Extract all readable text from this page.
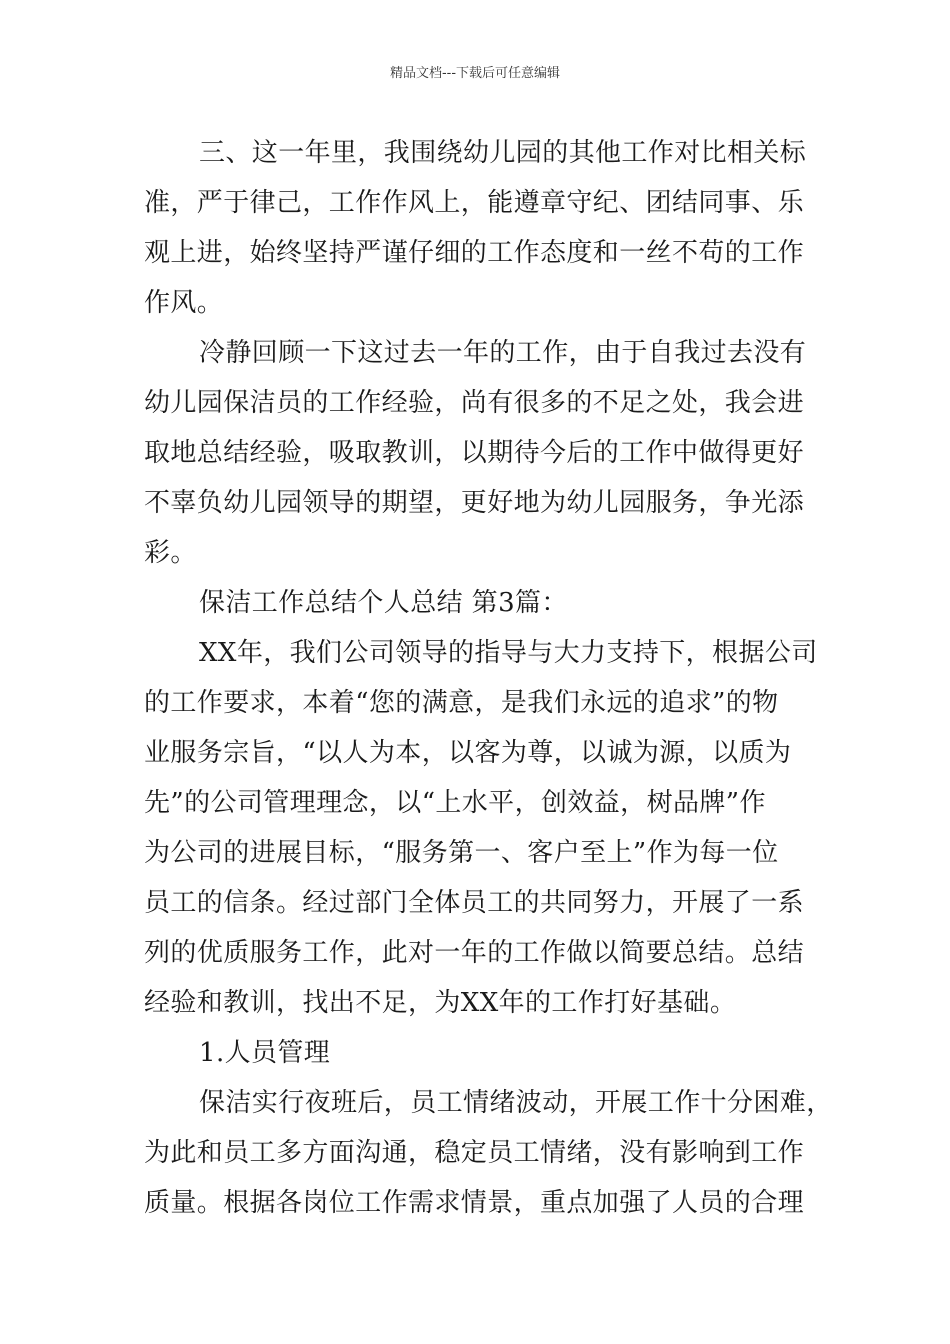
精品文档---下载后可任意编辑
三、这一年里，我围绕幼儿园的其他工作对比相关标
准，严于律己，工作作风上，能遵章守纪、团结同事、乐
观上进，始终坚持严谨仔细的工作态度和一丝不苟的工作
作风。
冷静回顾一下这过去一年的工作，由于自我过去没有
幼儿园保洁员的工作经验，尚有很多的不足之处，我会进
取地总结经验，吸取教训，以期待今后的工作中做得更好
不辜负幼儿园领导的期望，更好地为幼儿园服务，争光添
彩。
保洁工作总结个人总结 第3篇：
XX年，我们公司领导的指导与大力支持下，根据公司
的工作要求，本着“您的满意，是我们永远的追求”的物
业服务宗旨，“以人为本，以客为尊，以诚为源，以质为
先”的公司管理理念，以“上水平，创效益，树品牌”作
为公司的进展目标，“服务第一、客户至上”作为每一位
员工的信条。经过部门全体员工的共同努力，开展了一系
列的优质服务工作，此对一年的工作做以简要总结。总结
经验和教训，找出不足，为XX年的工作打好基础。
1.人员管理
保洁实行夜班后，员工情绪波动，开展工作十分困难，
为此和员工多方面沟通，稳定员工情绪，没有影响到工作
质量。根据各岗位工作需求情景，重点加强了人员的合理
